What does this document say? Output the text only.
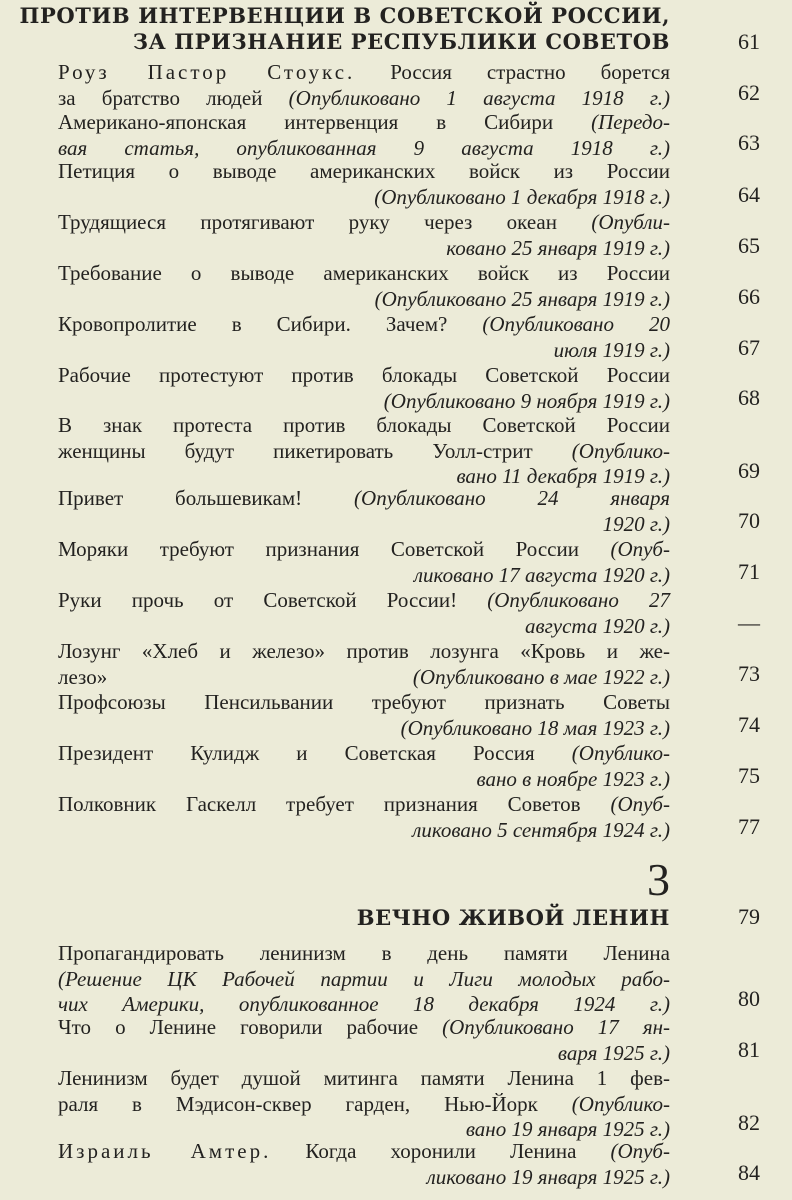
ПРОТИВ ИНТЕРВЕНЦИИ В СОВЕТСКОЙ РОССИИ,
ЗА ПРИЗНАНИЕ РЕСПУБЛИКИ СОВЕТОВ	61
Роуз Пастор Стоукс. Россия страстно борется
за братство людей (Опубликовано 1 августа 1918 г.)	62
Американо-японская интервенция в Сибири (Передо-
вая статья, опубликованная 9 августа 1918 г.)	63
Петиция о выводе американских войск из России
(Опубликовано 1 декабря 1918 г.)	64
Трудящиеся протягивают руку через океан (Опубли-
ковано 25 января 1919 г.)	65
Требование о выводе американских войск из России
(Опубликовано 25 января 1919 г.)	66
Кровопролитие в Сибири. Зачем? (Опубликовано 20
июля 1919 г.)	67
Рабочие протестуют против блокады Советской России
(Опубликовано 9 ноября 1919 г.)	68
В знак протеста против блокады Советской России
женщины будут пикетировать Уолл-стрит (Опублико-
вано 11 декабря 1919 г.)	69
Привет большевикам! (Опубликовано 24 января
1920 г.)	70
Моряки требуют признания Советской России (Опуб-
ликовано 17 августа 1920 г.)	71
Руки прочь от Советской России! (Опубликовано 27
августа 1920 г.)	—
Лозунг «Хлеб и железо» против лозунга «Кровь и же-
лезо»	(Опубликовано в мае 1922 г.)	73
Профсоюзы Пенсильвании требуют признать Советы
(Опубликовано 18 мая 1923 г.)	74
Президент Кулидж и Советская Россия (Опублико-
вано в ноябре 1923 г.)	75
Полковник Гаскелл требует признания Советов (Опуб-
ликовано 5 сентября 1924 г.)	77
3
ВЕЧНО ЖИВОЙ ЛЕНИН	79
Пропагандировать ленинизм в день памяти Ленина
(Решение ЦК Рабочей партии и Лиги молодых рабо-
чих Америки, опубликованное 18 декабря 1924 г.)	80
Что о Ленине говорили рабочие (Опубликовано 17 ян-
варя 1925 г.)	81
Ленинизм будет душой митинга памяти Ленина 1 фев-
раля в Мэдисон-сквер гарден, Нью-Йорк (Опублико-
вано 19 января 1925 г.)	82
Израиль Амтер. Когда хоронили Ленина (Опуб-
ликовано 19 января 1925 г.)	84
